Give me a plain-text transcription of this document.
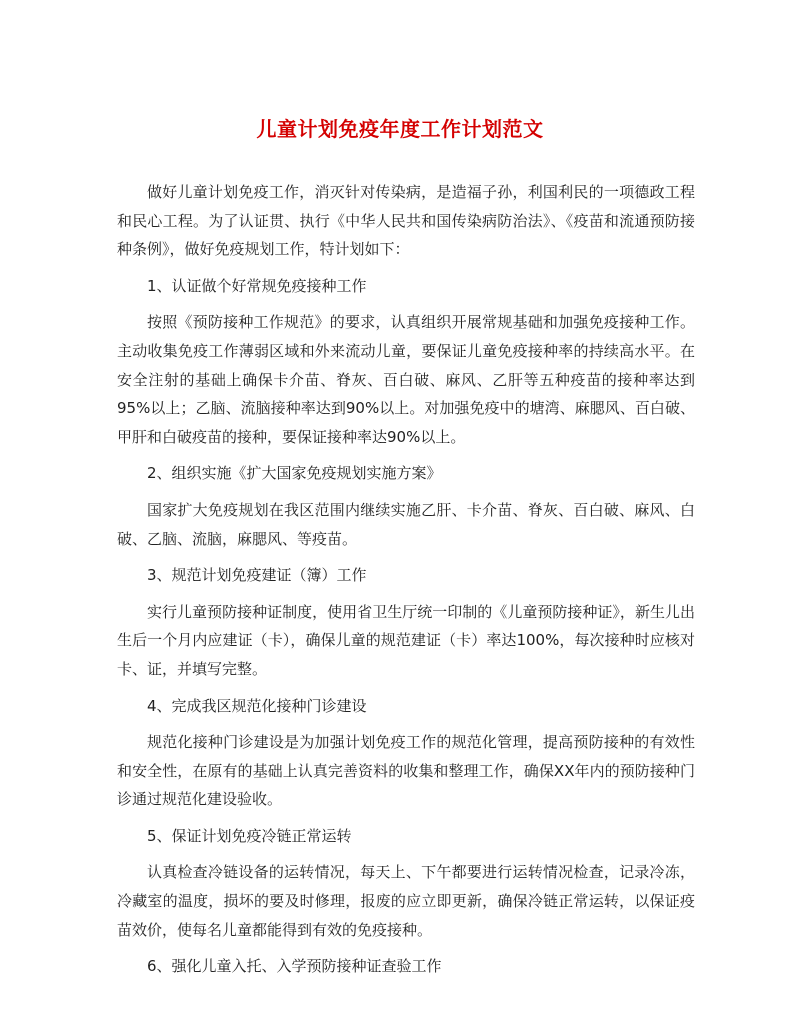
儿童计划免疫年度工作计划范文

做好儿童计划免疫工作，消灭针对传染病，是造福子孙，利国利民的一项德政工程和民心工程。为了认证贯、执行《中华人民共和国传染病防治法》、《疫苗和流通预防接种条例》，做好免疫规划工作，特计划如下：

1、认证做个好常规免疫接种工作

按照《预防接种工作规范》的要求，认真组织开展常规基础和加强免疫接种工作。主动收集免疫工作薄弱区域和外来流动儿童，要保证儿童免疫接种率的持续高水平。在安全注射的基础上确保卡介苗、脊灰、百白破、麻风、乙肝等五种疫苗的接种率达到95%以上；乙脑、流脑接种率达到90%以上。对加强免疫中的塘湾、麻腮风、百白破、甲肝和白破疫苗的接种，要保证接种率达90%以上。

2、组织实施《扩大国家免疫规划实施方案》

国家扩大免疫规划在我区范围内继续实施乙肝、卡介苗、脊灰、百白破、麻风、白破、乙脑、流脑，麻腮风、等疫苗。

3、规范计划免疫建证（簿）工作

实行儿童预防接种证制度，使用省卫生厅统一印制的《儿童预防接种证》，新生儿出生后一个月内应建证（卡），确保儿童的规范建证（卡）率达100%，每次接种时应核对卡、证，并填写完整。

4、完成我区规范化接种门诊建设

规范化接种门诊建设是为加强计划免疫工作的规范化管理，提高预防接种的有效性和安全性，在原有的基础上认真完善资料的收集和整理工作，确保XX年内的预防接种门诊通过规范化建设验收。

5、保证计划免疫冷链正常运转

认真检查冷链设备的运转情况，每天上、下午都要进行运转情况检查，记录冷冻，冷藏室的温度，损坏的要及时修理，报废的应立即更新，确保冷链正常运转，以保证疫苗效价，使每名儿童都能得到有效的免疫接种。

6、强化儿童入托、入学预防接种证查验工作
